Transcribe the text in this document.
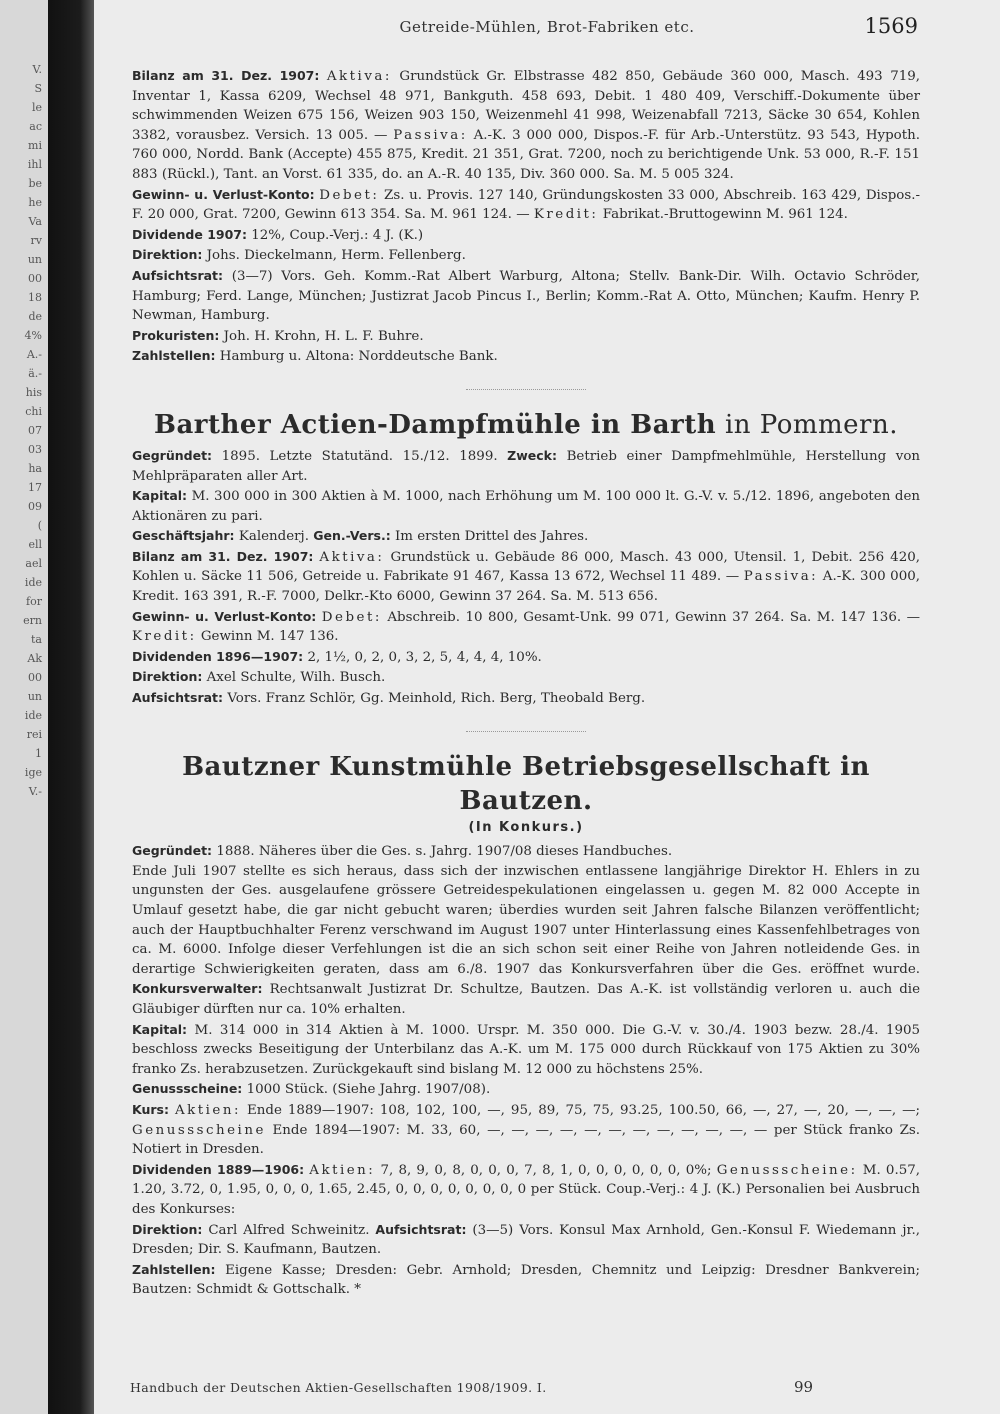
V.
S
le
ac
mi
ihl
be
he
Va
rv
un
00
18
de
4%
A.-
ä.-
his
chi
07
03
ha
17
09
(
ell
ael
ide
for
ern
ta
Ak
00
un
ide
rei
1
ige
V.-
Getreide-Mühlen, Brot-Fabriken etc.	1569

Bilanz am 31. Dez. 1907: Aktiva: Grundstück Gr. Elbstrasse 482 850, Gebäude 360 000, Masch. 493 719, Inventar 1, Kassa 6209, Wechsel 48 971, Bankguth. 458 693, Debit. 1 480 409, Verschiff.-Dokumente über schwimmenden Weizen 675 156, Weizen 903 150, Weizenmehl 41 998, Weizenabfall 7213, Säcke 30 654, Kohlen 3382, vorausbez. Versich. 13 005. — Passiva: A.-K. 3 000 000, Dispos.-F. für Arb.-Unterstütz. 93 543, Hypoth. 760 000, Nordd. Bank (Accepte) 455 875, Kredit. 21 351, Grat. 7200, noch zu berichtigende Unk. 53 000, R.-F. 151 883 (Rückl.), Tant. an Vorst. 61 335, do. an A.-R. 40 135, Div. 360 000. Sa. M. 5 005 324.

Gewinn- u. Verlust-Konto: Debet: Zs. u. Provis. 127 140, Gründungskosten 33 000, Abschreib. 163 429, Dispos.-F. 20 000, Grat. 7200, Gewinn 613 354. Sa. M. 961 124. — Kredit: Fabrikat.-Bruttogewinn M. 961 124.

Dividende 1907: 12%, Coup.-Verj.: 4 J. (K.)

Direktion: Johs. Dieckelmann, Herm. Fellenberg.

Aufsichtsrat: (3—7) Vors. Geh. Komm.-Rat Albert Warburg, Altona; Stellv. Bank-Dir. Wilh. Octavio Schröder, Hamburg; Ferd. Lange, München; Justizrat Jacob Pincus I., Berlin; Komm.-Rat A. Otto, München; Kaufm. Henry P. Newman, Hamburg.

Prokuristen: Joh. H. Krohn, H. L. F. Buhre.

Zahlstellen: Hamburg u. Altona: Norddeutsche Bank.

Barther Actien-Dampfmühle in Barth in Pommern.

Gegründet: 1895. Letzte Statutänd. 15./12. 1899. Zweck: Betrieb einer Dampfmehlmühle, Herstellung von Mehlpräparaten aller Art.

Kapital: M. 300 000 in 300 Aktien à M. 1000, nach Erhöhung um M. 100 000 lt. G.-V. v. 5./12. 1896, angeboten den Aktionären zu pari.

Geschäftsjahr: Kalenderj. Gen.-Vers.: Im ersten Drittel des Jahres.

Bilanz am 31. Dez. 1907: Aktiva: Grundstück u. Gebäude 86 000, Masch. 43 000, Utensil. 1, Debit. 256 420, Kohlen u. Säcke 11 506, Getreide u. Fabrikate 91 467, Kassa 13 672, Wechsel 11 489. — Passiva: A.-K. 300 000, Kredit. 163 391, R.-F. 7000, Delkr.-Kto 6000, Gewinn 37 264. Sa. M. 513 656.

Gewinn- u. Verlust-Konto: Debet: Abschreib. 10 800, Gesamt-Unk. 99 071, Gewinn 37 264. Sa. M. 147 136. — Kredit: Gewinn M. 147 136.

Dividenden 1896—1907: 2, 1½, 0, 2, 0, 3, 2, 5, 4, 4, 4, 10%.

Direktion: Axel Schulte, Wilh. Busch.

Aufsichtsrat: Vors. Franz Schlör, Gg. Meinhold, Rich. Berg, Theobald Berg.

Bautzner Kunstmühle Betriebsgesellschaft in Bautzen.

(In Konkurs.)

Gegründet: 1888. Näheres über die Ges. s. Jahrg. 1907/08 dieses Handbuches.

Ende Juli 1907 stellte es sich heraus, dass sich der inzwischen entlassene langjährige Direktor H. Ehlers in zu ungunsten der Ges. ausgelaufene grössere Getreidespekulationen eingelassen u. gegen M. 82 000 Accepte in Umlauf gesetzt habe, die gar nicht gebucht waren; überdies wurden seit Jahren falsche Bilanzen veröffentlicht; auch der Hauptbuchhalter Ferenz verschwand im August 1907 unter Hinterlassung eines Kassenfehlbetrages von ca. M. 6000. Infolge dieser Verfehlungen ist die an sich schon seit einer Reihe von Jahren notleidende Ges. in derartige Schwierigkeiten geraten, dass am 6./8. 1907 das Konkursverfahren über die Ges. eröffnet wurde. Konkursverwalter: Rechtsanwalt Justizrat Dr. Schultze, Bautzen. Das A.-K. ist vollständig verloren u. auch die Gläubiger dürften nur ca. 10% erhalten.

Kapital: M. 314 000 in 314 Aktien à M. 1000. Urspr. M. 350 000. Die G.-V. v. 30./4. 1903 bezw. 28./4. 1905 beschloss zwecks Beseitigung der Unterbilanz das A.-K. um M. 175 000 durch Rückkauf von 175 Aktien zu 30% franko Zs. herabzusetzen. Zurückgekauft sind bislang M. 12 000 zu höchstens 25%.

Genussscheine: 1000 Stück. (Siehe Jahrg. 1907/08).

Kurs: Aktien: Ende 1889—1907: 108, 102, 100, —, 95, 89, 75, 75, 93.25, 100.50, 66, —, 27, —, 20, —, —, —; Genussscheine Ende 1894—1907: M. 33, 60, —, —, —, —, —, —, —, —, —, —, —, — per Stück franko Zs. Notiert in Dresden.

Dividenden 1889—1906: Aktien: 7, 8, 9, 0, 8, 0, 0, 0, 7, 8, 1, 0, 0, 0, 0, 0, 0, 0%; Genussscheine: M. 0.57, 1.20, 3.72, 0, 1.95, 0, 0, 0, 1.65, 2.45, 0, 0, 0, 0, 0, 0, 0, 0 per Stück. Coup.-Verj.: 4 J. (K.) Personalien bei Ausbruch des Konkurses:

Direktion: Carl Alfred Schweinitz. Aufsichtsrat: (3—5) Vors. Konsul Max Arnhold, Gen.-Konsul F. Wiedemann jr., Dresden; Dir. S. Kaufmann, Bautzen.

Zahlstellen: Eigene Kasse; Dresden: Gebr. Arnhold; Dresden, Chemnitz und Leipzig: Dresdner Bankverein; Bautzen: Schmidt & Gottschalk. *

Handbuch der Deutschen Aktien-Gesellschaften 1908/1909. I.	99
